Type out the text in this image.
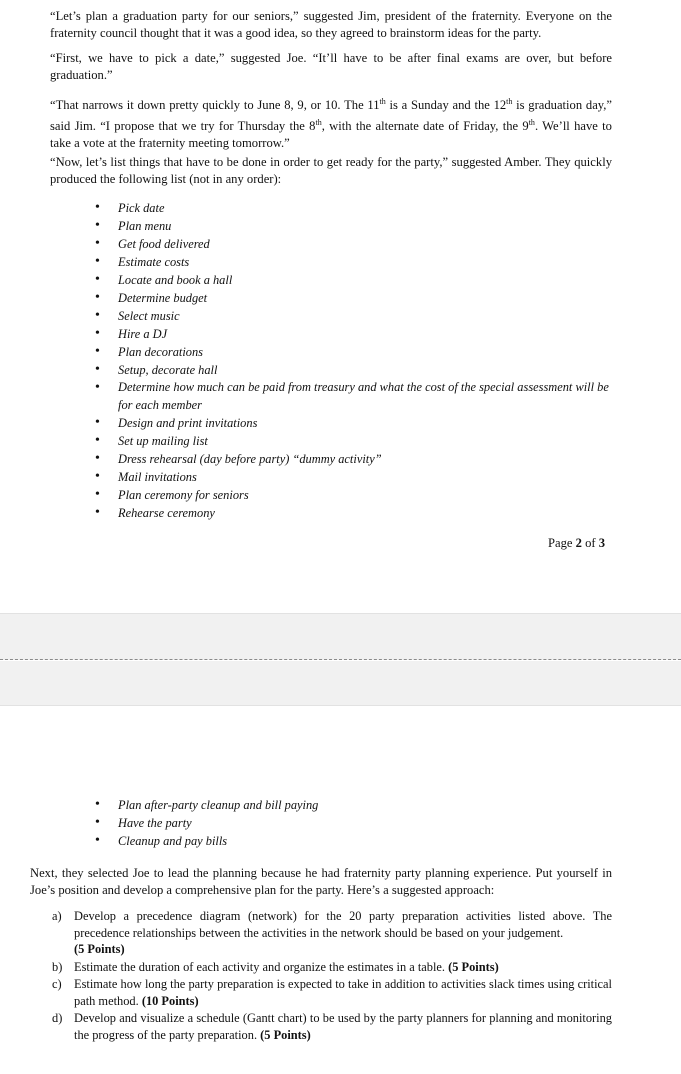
“Let’s plan a graduation party for our seniors,” suggested Jim, president of the fraternity. Everyone on the fraternity council thought that it was a good idea, so they agreed to brainstorm ideas for the party.

“First, we have to pick a date,” suggested Joe. “It’ll have to be after final exams are over, but before graduation.”

“That narrows it down pretty quickly to June 8, 9, or 10. The 11th is a Sunday and the 12th is graduation day,” said Jim. “I propose that we try for Thursday the 8th, with the alternate date of Friday, the 9th. We’ll have to take a vote at the fraternity meeting tomorrow.”

“Now, let’s list things that have to be done in order to get ready for the party,” suggested Amber. They quickly produced the following list (not in any order):

• Pick date
• Plan menu
• Get food delivered
• Estimate costs
• Locate and book a hall
• Determine budget
• Select music
• Hire a DJ
• Plan decorations
• Setup, decorate hall
• Determine how much can be paid from treasury and what the cost of the special assessment will be for each member
• Design and print invitations
• Set up mailing list
• Dress rehearsal (day before party) “dummy activity”
• Mail invitations
• Plan ceremony for seniors
• Rehearse ceremony
Page 2 of 3
• Plan after-party cleanup and bill paying
• Have the party
• Cleanup and pay bills

Next, they selected Joe to lead the planning because he had fraternity party planning experience. Put yourself in Joe’s position and develop a comprehensive plan for the party. Here’s a suggested approach:

a) Develop a precedence diagram (network) for the 20 party preparation activities listed above. The precedence relationships between the activities in the network should be based on your judgement.
(5 Points)
b) Estimate the duration of each activity and organize the estimates in a table. (5 Points)
c) Estimate how long the party preparation is expected to take in addition to activities slack times using critical path method. (10 Points)
d) Develop and visualize a schedule (Gantt chart) to be used by the party planners for planning and monitoring the progress of the party preparation. (5 Points)
